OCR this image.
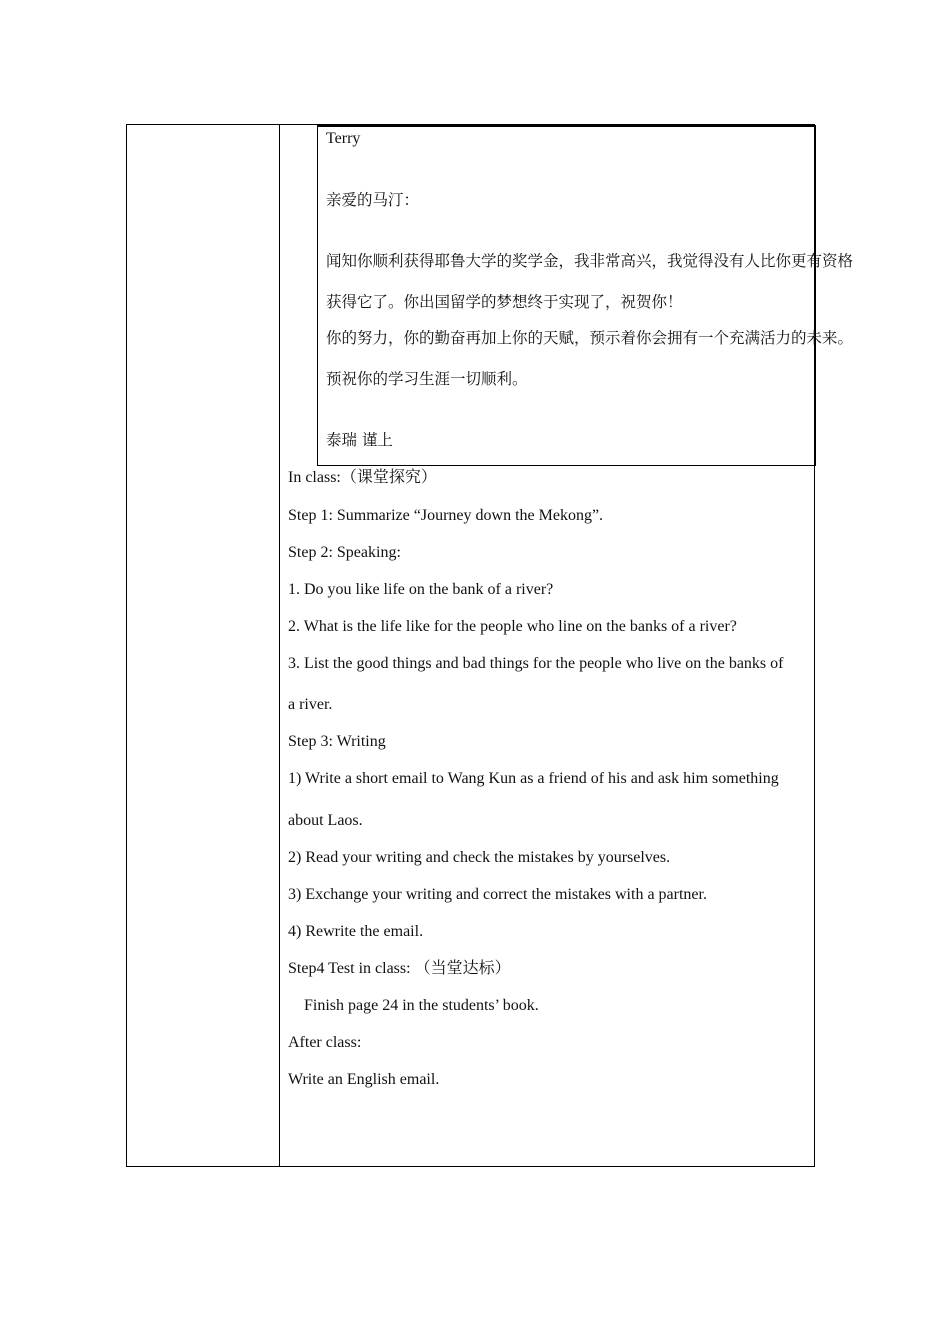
Terry
亲爱的马汀：
闻知你顺利获得耶鲁大学的奖学金，我非常高兴，我觉得没有人比你更有资格
获得它了。你出国留学的梦想终于实现了，祝贺你！
你的努力，你的勤奋再加上你的天赋，预示着你会拥有一个充满活力的未来。
预祝你的学习生涯一切顺利。
泰瑞 谨上
In class:（课堂探究）
Step 1: Summarize “Journey down the Mekong”.
Step 2: Speaking:
1. Do you like life on the bank of a river?
2. What is the life like for the people who line on the banks of a river?
3. List the good things and bad things for the people who live on the banks of
a river.
Step 3: Writing
1) Write a short email to Wang Kun as a friend of his and ask him something
about Laos.
2) Read your writing and check the mistakes by yourselves.
3) Exchange your writing and correct the mistakes with a partner.
4) Rewrite the email.
Step4 Test in class: （当堂达标）
Finish page 24 in the students’ book.
After class:
Write an English email.
